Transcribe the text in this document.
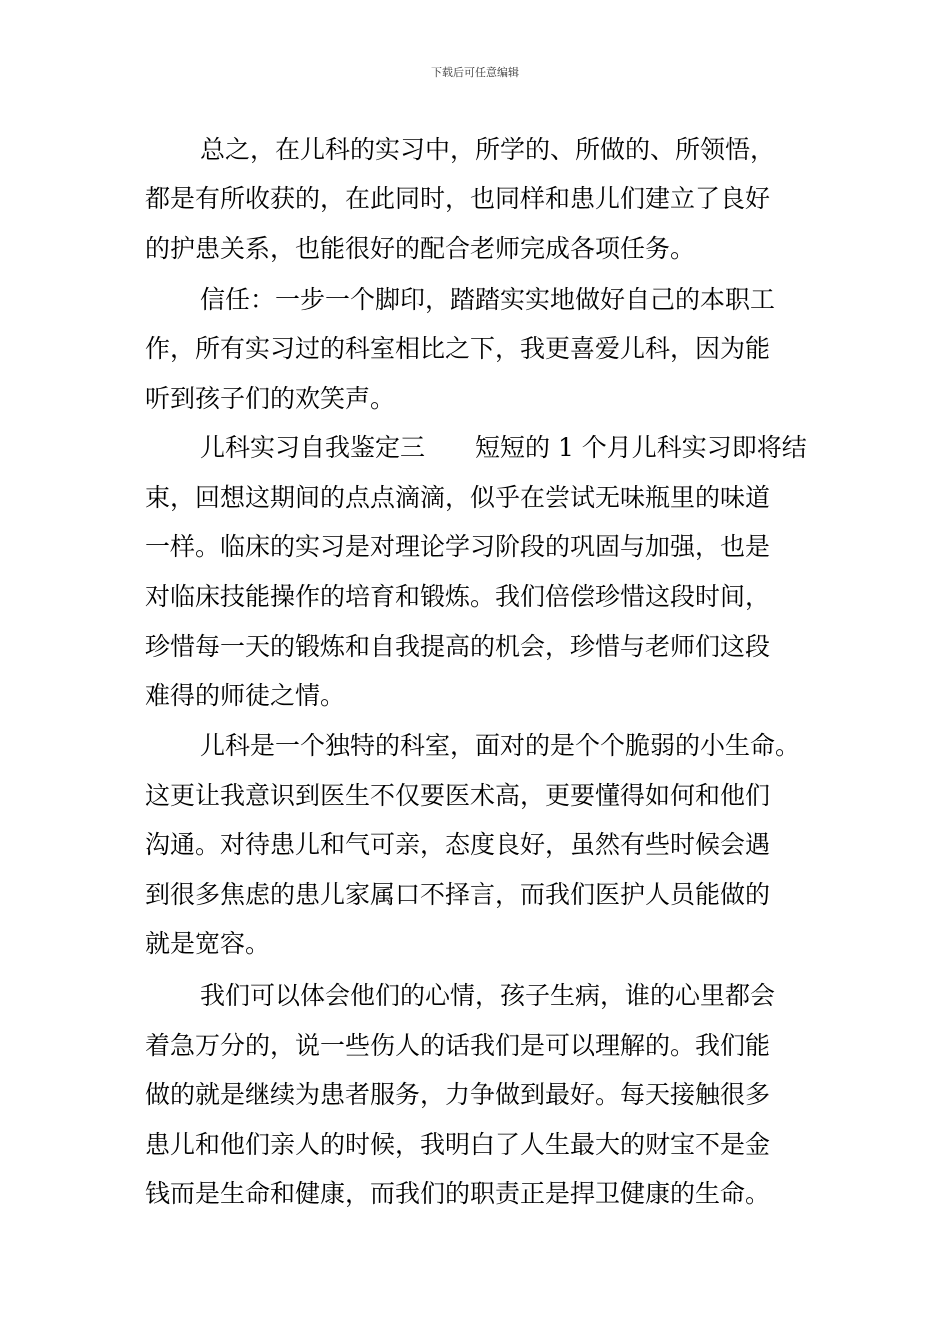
下载后可任意编辑
总之，在儿科的实习中，所学的、所做的、所领悟，
都是有所收获的，在此同时，也同样和患儿们建立了良好
的护患关系，也能很好的配合老师完成各项任务。
信任：一步一个脚印，踏踏实实地做好自己的本职工
作，所有实习过的科室相比之下，我更喜爱儿科，因为能
听到孩子们的欢笑声。
儿科实习自我鉴定三 短短的 1 个月儿科实习即将结
束，回想这期间的点点滴滴，似乎在尝试无味瓶里的味道
一样。临床的实习是对理论学习阶段的巩固与加强，也是
对临床技能操作的培育和锻炼。我们倍偿珍惜这段时间，
珍惜每一天的锻炼和自我提高的机会，珍惜与老师们这段
难得的师徒之情。
儿科是一个独特的科室，面对的是个个脆弱的小生命。
这更让我意识到医生不仅要医术高，更要懂得如何和他们
沟通。对待患儿和气可亲，态度良好，虽然有些时候会遇
到很多焦虑的患儿家属口不择言，而我们医护人员能做的
就是宽容。
我们可以体会他们的心情，孩子生病，谁的心里都会
着急万分的，说一些伤人的话我们是可以理解的。我们能
做的就是继续为患者服务，力争做到最好。每天接触很多
患儿和他们亲人的时候，我明白了人生最大的财宝不是金
钱而是生命和健康，而我们的职责正是捍卫健康的生命。
